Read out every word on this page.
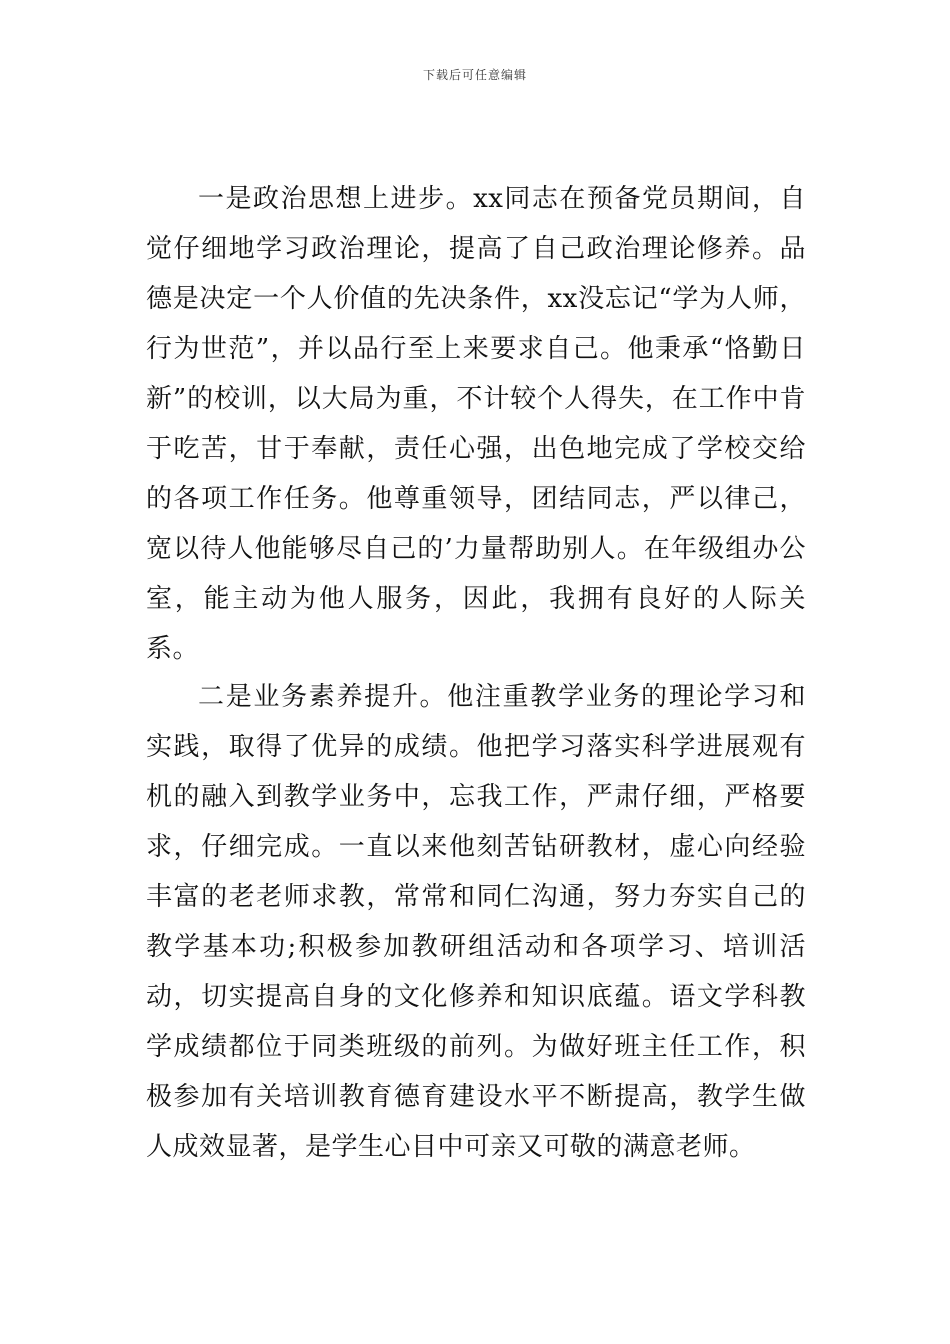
下载后可任意编辑

一是政治思想上进步。xx同志在预备党员期间，自觉仔细地学习政治理论，提高了自己政治理论修养。品德是决定一个人价值的先决条件，xx没忘记“学为人师，行为世范”，并以品行至上来要求自己。他秉承“恪勤日新”的校训，以大局为重，不计较个人得失，在工作中肯于吃苦，甘于奉献，责任心强，出色地完成了学校交给的各项工作任务。他尊重领导，团结同志，严以律己，宽以待人他能够尽自己的’力量帮助别人。在年级组办公室，能主动为他人服务，因此，我拥有良好的人际关系。

二是业务素养提升。他注重教学业务的理论学习和实践，取得了优异的成绩。他把学习落实科学进展观有机的融入到教学业务中，忘我工作，严肃仔细，严格要求，仔细完成。一直以来他刻苦钻研教材，虚心向经验丰富的老老师求教，常常和同仁沟通，努力夯实自己的教学基本功;积极参加教研组活动和各项学习、培训活动，切实提高自身的文化修养和知识底蕴。语文学科教学成绩都位于同类班级的前列。为做好班主任工作，积极参加有关培训教育德育建设水平不断提高，教学生做人成效显著，是学生心目中可亲又可敬的满意老师。
